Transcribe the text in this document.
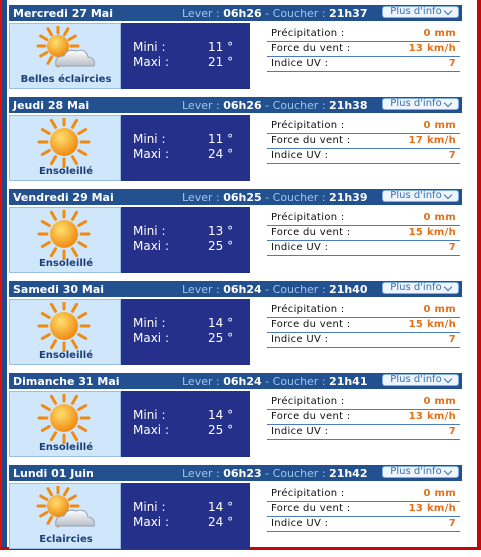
Mercredi 27 Mai	Lever : 06h26 - Coucher : 21h37 Plus d'info
Belles éclaircies
Mini :	11 °
Maxi :	21 °
Précipitation :	0 mm
Force du vent :	13 km/h
Indice UV :	7
Jeudi 28 Mai	Lever : 06h26 - Coucher : 21h38 Plus d'info
Ensoleillé
Mini :	11 °
Maxi :	24 °
Précipitation :	0 mm
Force du vent :	17 km/h
Indice UV :	7
Vendredi 29 Mai	Lever : 06h25 - Coucher : 21h39 Plus d'info
Ensoleillé
Mini :	13 °
Maxi :	25 °
Précipitation :	0 mm
Force du vent :	15 km/h
Indice UV :	7
Samedi 30 Mai	Lever : 06h24 - Coucher : 21h40 Plus d'info
Ensoleillé
Mini :	14 °
Maxi :	25 °
Précipitation :	0 mm
Force du vent :	15 km/h
Indice UV :	7
Dimanche 31 Mai	Lever : 06h24 - Coucher : 21h41 Plus d'info
Ensoleillé
Mini :	14 °
Maxi :	25 °
Précipitation :	0 mm
Force du vent :	13 km/h
Indice UV :	7
Lundi 01 Juin	Lever : 06h23 - Coucher : 21h42 Plus d'info
Eclaircies
Mini :	14 °
Maxi :	24 °
Précipitation :	0 mm
Force du vent :	13 km/h
Indice UV :	7
